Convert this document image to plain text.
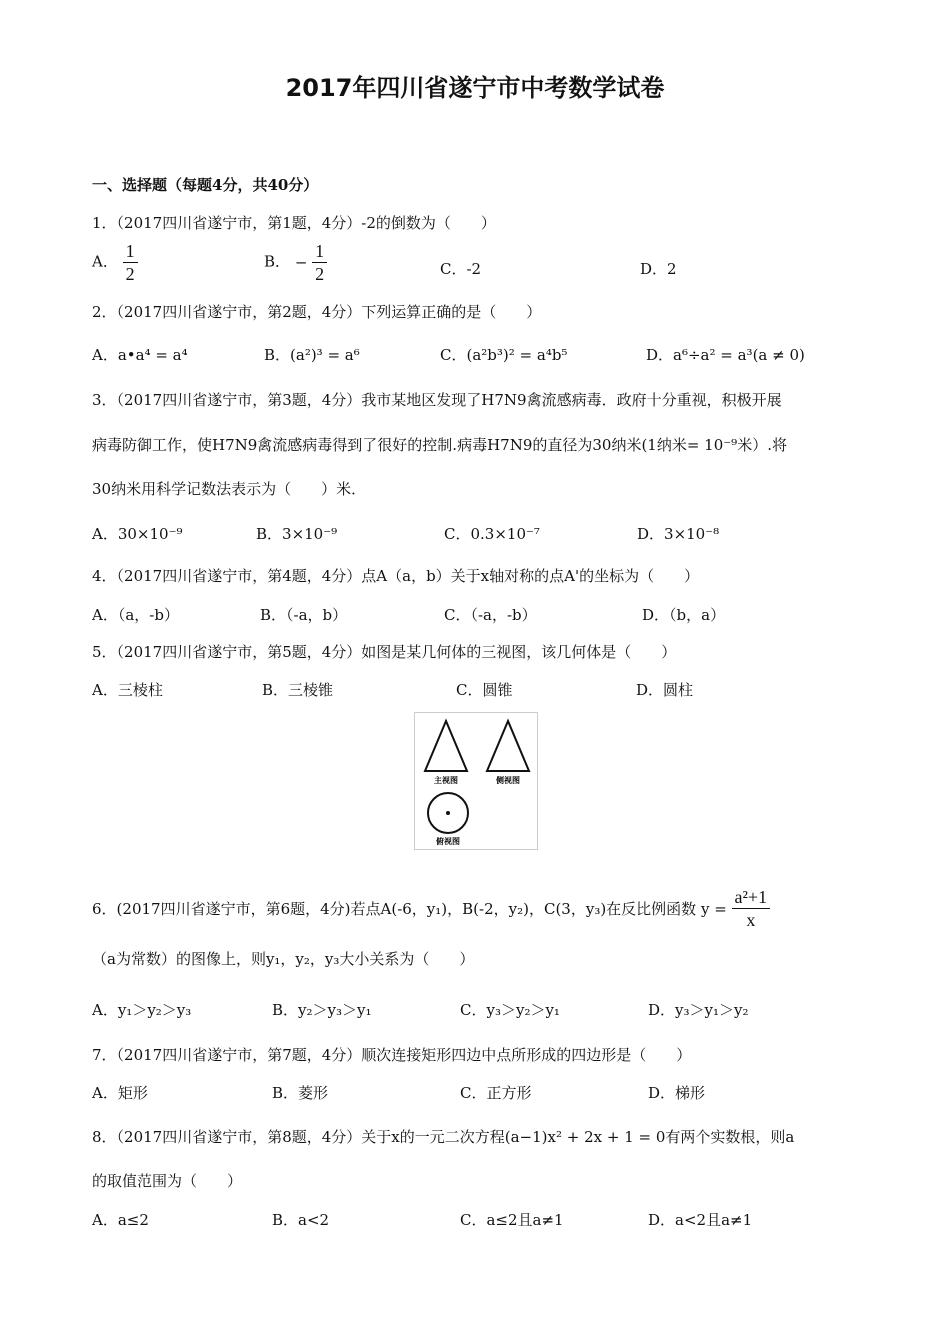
2017年四川省遂宁市中考数学试卷
一、选择题（每题4分，共40分）
1．（2017四川省遂宁市，第1题，4分）-2的倒数为（　　）
A． $\frac{1}{2}$	B． − $\frac{1}{2}$	C．-2	D．2
2．（2017四川省遂宁市，第2题，4分）下列运算正确的是（　　）
A．a•a⁴ = a⁴	B．(a²)³ = a⁶	C．(a²b³)² = a⁴b⁵	D．a⁶÷a² = a³(a ≠ 0)
3．（2017四川省遂宁市，第3题，4分）我市某地区发现了H7N9禽流感病毒．政府十分重视，积极开展
病毒防御工作，使H7N9禽流感病毒得到了很好的控制.病毒H7N9的直径为30纳米(1纳米= 10⁻⁹米）.将
30纳米用科学记数法表示为（　　）米．
A．30×10⁻⁹	B．3×10⁻⁹	C．0.3×10⁻⁷	D．3×10⁻⁸
4．（2017四川省遂宁市，第4题，4分）点A（a，b）关于x轴对称的点A'的坐标为（　　）
A．（a，-b）	B．（-a，b）	C．（-a，-b）	D．（b，a）
5．（2017四川省遂宁市，第5题，4分）如图是某几何体的三视图，该几何体是（　　）
A．三棱柱	B．三棱锥	C．圆锥	D．圆柱
主视图	侧视图
俯视图
6．(2017四川省遂宁市，第6题，4分)若点A(-6，y₁)，B(-2，y₂)，C(3，y₃)在反比例函数 $y = \frac{\text{a²+1}}{x}$
（a为常数）的图像上，则y₁，y₂，y₃大小关系为（　　）
A．y₁＞y₂＞y₃	B．y₂＞y₃＞y₁	C．y₃＞y₂＞y₁	D．y₃＞y₁＞y₂
7．（2017四川省遂宁市，第7题，4分）顺次连接矩形四边中点所形成的四边形是（　　）
A．矩形	B．菱形	C．正方形	D．梯形
8．（2017四川省遂宁市，第8题，4分）关于x的一元二次方程(a−1)x² + 2x + 1 = 0有两个实数根，则a
的取值范围为（　　）
A．a≤2	B．a<2	C．a≤2且a≠1	D．a<2且a≠1
